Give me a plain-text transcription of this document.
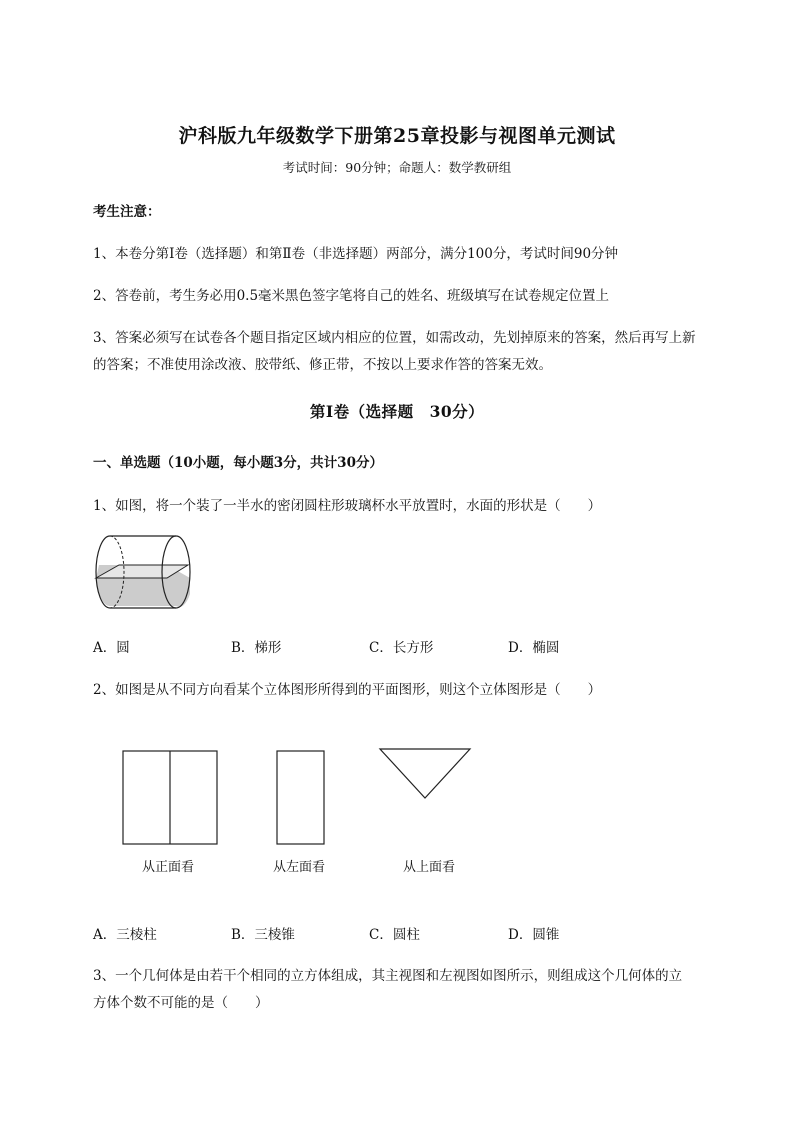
沪科版九年级数学下册第25章投影与视图单元测试
考试时间：90分钟；命题人：数学教研组
考生注意：
1、本卷分第I卷（选择题）和第Ⅱ卷（非选择题）两部分，满分100分，考试时间90分钟
2、答卷前，考生务必用0.5毫米黑色签字笔将自己的姓名、班级填写在试卷规定位置上
3、答案必须写在试卷各个题目指定区域内相应的位置，如需改动，先划掉原来的答案，然后再写上新
的答案；不准使用涂改液、胶带纸、修正带，不按以上要求作答的答案无效。
第I卷（选择题　30分）
一、单选题（10小题，每小题3分，共计30分）
1、如图，将一个装了一半水的密闭圆柱形玻璃杯水平放置时，水面的形状是（　　）
A．圆	B．梯形	C．长方形	D．椭圆
2、如图是从不同方向看某个立体图形所得到的平面图形，则这个立体图形是（　　）
从正面看	从左面看	从上面看
A．三棱柱	B．三棱锥	C．圆柱	D．圆锥
3、一个几何体是由若干个相同的立方体组成，其主视图和左视图如图所示，则组成这个几何体的立
方体个数不可能的是（　　）
